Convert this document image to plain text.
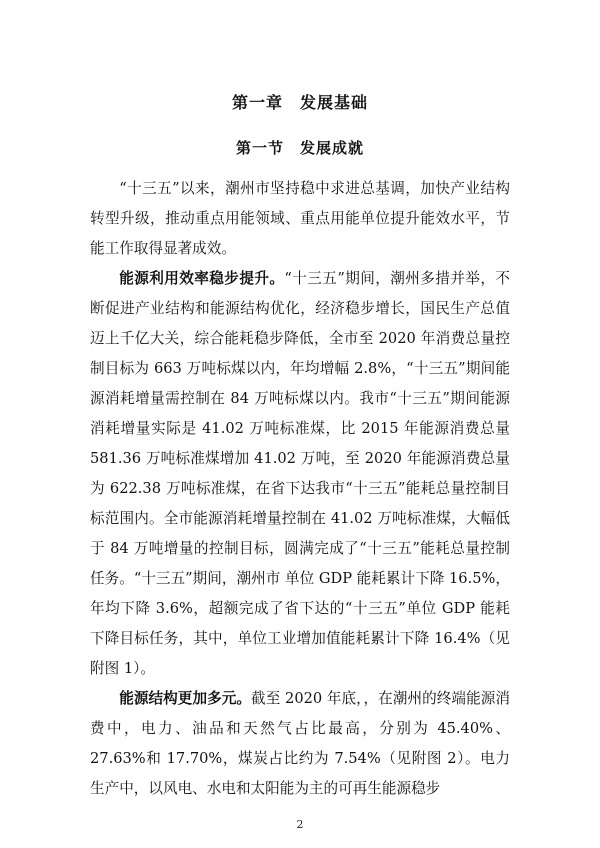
第一章　发展基础
第一节　发展成就

“十三五”以来，潮州市坚持稳中求进总基调，加快产业结构转型升级，推动重点用能领域、重点用能单位提升能效水平，节能工作取得显著成效。

能源利用效率稳步提升。“十三五”期间，潮州多措并举，不断促进产业结构和能源结构优化，经济稳步增长，国民生产总值迈上千亿大关，综合能耗稳步降低，全市至 2020 年消费总量控制目标为 663 万吨标煤以内，年均增幅 2.8%，“十三五”期间能源消耗增量需控制在 84 万吨标煤以内。我市“十三五”期间能源消耗增量实际是 41.02 万吨标准煤，比 2015 年能源消费总量 581.36 万吨标准煤增加 41.02 万吨，至 2020 年能源消费总量为 622.38 万吨标准煤，在省下达我市“十三五”能耗总量控制目标范围内。全市能源消耗增量控制在 41.02 万吨标准煤，大幅低于 84 万吨增量的控制目标，圆满完成了“十三五”能耗总量控制任务。“十三五”期间，潮州市 单位 GDP 能耗累计下降 16.5%，年均下降 3.6%，超额完成了省下达的“十三五”单位 GDP 能耗下降目标任务，其中，单位工业增加值能耗累计下降 16.4%（见附图 1）。

能源结构更加多元。截至 2020 年底，，在潮州的终端能源消费中，电力、油品和天然气占比最高，分别为 45.40%、27.63%和 17.70%，煤炭占比约为 7.54%（见附图 2）。电力生产中，以风电、水电和太阳能为主的可再生能源稳步

2
